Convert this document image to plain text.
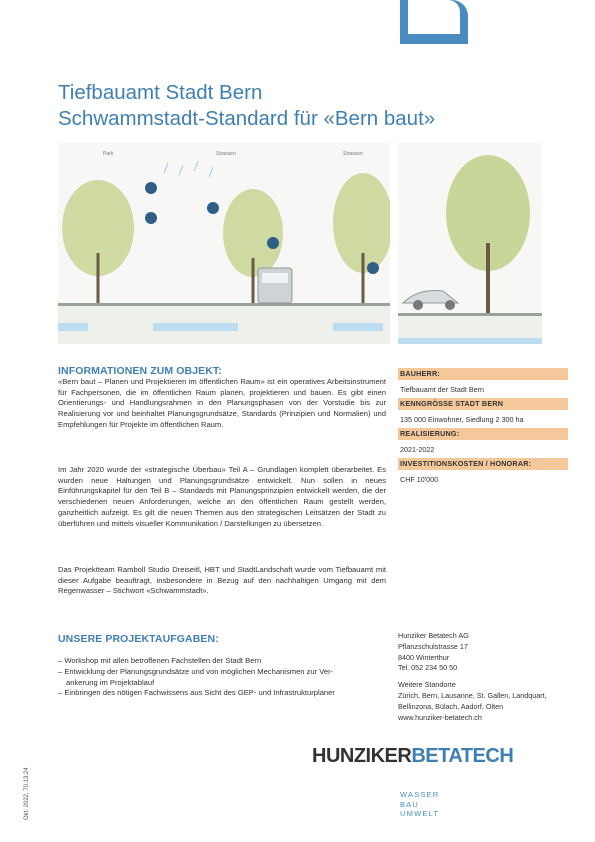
Tiefbauamt Stadt Bern
Schwammstadt-Standard für «Bern baut»
Park	Strassen	Strassen
INFORMATIONEN ZUM OBJEKT:

«Bern baut – Planen und Projektieren im öffentlichen Raum» ist ein operatives Arbeitsinstrument für Fachpersonen, die im öffentlichen Raum planen, projektieren und bauen. Es gibt einen Orientierungs- und Handlungsrahmen in den Planungsphasen von der Vorstudie bis zur Realisierung vor und beinhaltet Planungsgrundsätze, Standards (Prinzipien und Normalien) und Empfehlungen für Projekte im öffentlichen Raum.

Im Jahr 2020 wurde der «strategische Überbau» Teil A – Grundlagen komplett überarbeitet. Es wurden neue Haltungen und Planungsgrundsätze entwickelt. Nun sollen in neues Einführungskapitel für den Teil B – Standards mit Planungsprinzipien entwickelt werden, die der verschiedenen neuen Anforderungen, welche an den öffentlichen Raum gestellt werden, ganzheitlich aufzeigt. Es gilt die neuen Themen aus den strategischen Leitsätzen der Stadt zu überführen und mittels visueller Kommunikation / Darstellungen zu übersetzen.

Das Projektteam Ramboll Studio Dreiseitl, HBT und StadtLandschaft wurde vom Tiefbauamt mit dieser Aufgabe beauftragt, insbesondere in Bezug auf den nachhaltigen Umgang mit dem Regenwasser – Stichwort «Schwammstadt».

BAUHERR:
Tiefbauamt der Stadt Bern
KENNGRÖSSE STADT BERN
135 000 Einwohner, Siedlung 2 300 ha
REALISIERUNG:
2021-2022
INVESTITIONSKOSTEN / HONORAR:
CHF 10'000
UNSERE PROJEKTAUFGABEN:
– Workshop mit allen betroffenen Fachstellen der Stadt Bern
– Entwicklung der Planungsgrundsätze und von möglichen Mechanismen zur Ver-
ankerung im Projektablauf
– Einbringen des nötigen Fachwissens aus Sicht des GEP- und Infrastrukturplaner
Hunziker Betatech AG
Pflanzschulstrasse 17
8400 Winterthur
Tel. 052 234 50 50
Weitere Standorte
Zürich, Bern, Lausanne, St. Gallen, Landquart,
Bellinzona, Bülach, Aadorf, Olten
www.hunziker-betatech.ch
HUNZIKERBETATECH
WASSER
BAU
UMWELT
Okt. 2022, 70.13.24
